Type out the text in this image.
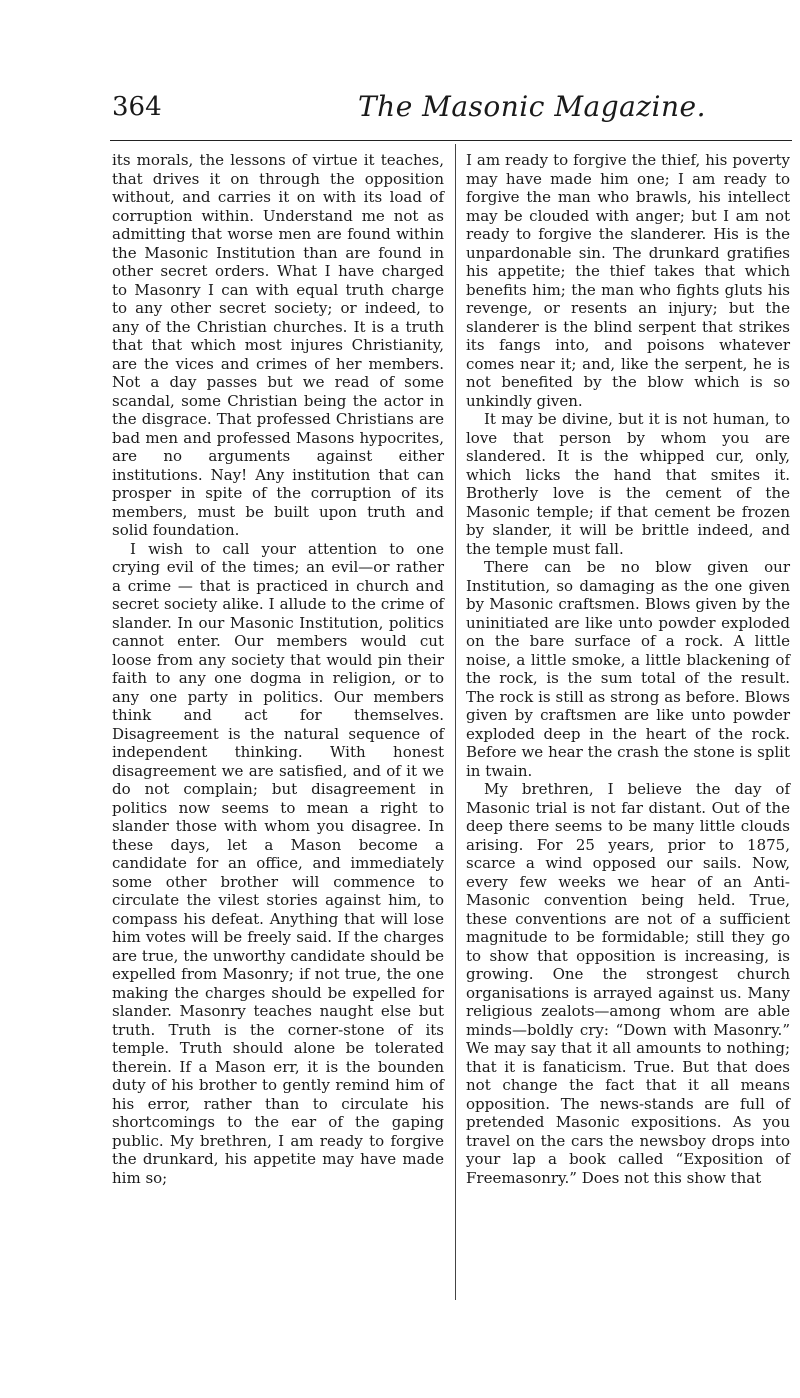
364	The Masonic Magazine.

its morals, the lessons of virtue it teaches, that drives it on through the opposition without, and carries it on with its load of corruption within. Understand me not as admitting that worse men are found within the Masonic Institution than are found in other secret orders. What I have charged to Masonry I can with equal truth charge to any other secret society; or indeed, to any of the Christian churches. It is a truth that that which most injures Christianity, are the vices and crimes of her members. Not a day passes but we read of some scandal, some Christian being the actor in the disgrace. That professed Christians are bad men and professed Masons hypocrites, are no arguments against either institutions. Nay! Any institution that can prosper in spite of the corruption of its members, must be built upon truth and solid foundation.

I wish to call your attention to one crying evil of the times; an evil—or rather a crime — that is practiced in church and secret society alike. I allude to the crime of slander. In our Masonic Institution, politics cannot enter. Our members would cut loose from any society that would pin their faith to any one dogma in religion, or to any one party in politics. Our members think and act for themselves. Disagreement is the natural sequence of independent thinking. With honest disagreement we are satisfied, and of it we do not complain; but disagreement in politics now seems to mean a right to slander those with whom you disagree. In these days, let a Mason become a candidate for an office, and immediately some other brother will commence to circulate the vilest stories against him, to compass his defeat. Anything that will lose him votes will be freely said. If the charges are true, the unworthy candidate should be expelled from Masonry; if not true, the one making the charges should be expelled for slander. Masonry teaches naught else but truth. Truth is the corner-stone of its temple. Truth should alone be tolerated therein. If a Mason err, it is the bounden duty of his brother to gently remind him of his error, rather than to circulate his shortcomings to the ear of the gaping public. My brethren, I am ready to forgive the drunkard, his appetite may have made him so;

I am ready to forgive the thief, his poverty may have made him one; I am ready to forgive the man who brawls, his intellect may be clouded with anger; but I am not ready to forgive the slanderer. His is the unpardonable sin. The drunkard gratifies his appetite; the thief takes that which benefits him; the man who fights gluts his revenge, or resents an injury; but the slanderer is the blind serpent that strikes its fangs into, and poisons whatever comes near it; and, like the serpent, he is not benefited by the blow which is so unkindly given.

It may be divine, but it is not human, to love that person by whom you are slandered. It is the whipped cur, only, which licks the hand that smites it. Brotherly love is the cement of the Masonic temple; if that cement be frozen by slander, it will be brittle indeed, and the temple must fall.

There can be no blow given our Institution, so damaging as the one given by Masonic craftsmen. Blows given by the uninitiated are like unto powder exploded on the bare surface of a rock. A little noise, a little smoke, a little blackening of the rock, is the sum total of the result. The rock is still as strong as before. Blows given by craftsmen are like unto powder exploded deep in the heart of the rock. Before we hear the crash the stone is split in twain.

My brethren, I believe the day of Masonic trial is not far distant. Out of the deep there seems to be many little clouds arising. For 25 years, prior to 1875, scarce a wind opposed our sails. Now, every few weeks we hear of an Anti-Masonic convention being held. True, these conventions are not of a sufficient magnitude to be formidable; still they go to show that opposition is increasing, is growing. One the strongest church organisations is arrayed against us. Many religious zealots—among whom are able minds—boldly cry: “Down with Masonry.” We may say that it all amounts to nothing; that it is fanaticism. True. But that does not change the fact that it all means opposition. The news-stands are full of pretended Masonic expositions. As you travel on the cars the newsboy drops into your lap a book called “Exposition of Freemasonry.” Does not this show that
